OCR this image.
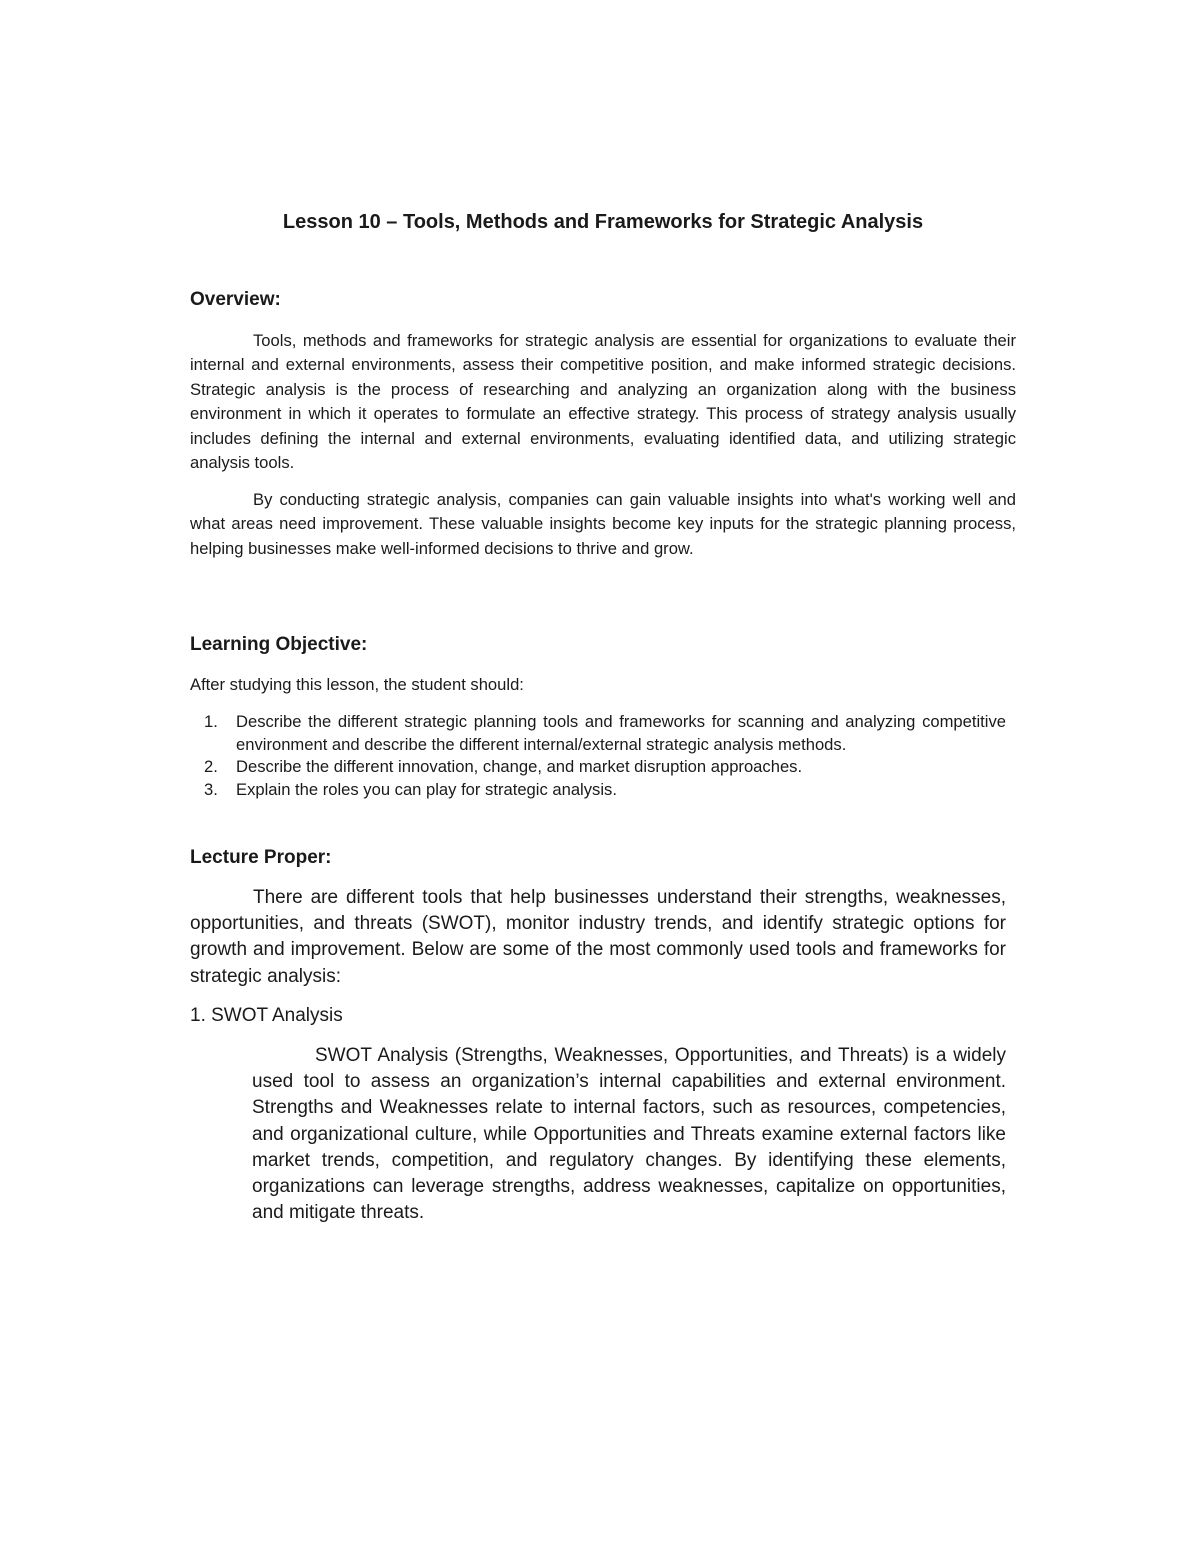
Lesson 10 – Tools, Methods and Frameworks for Strategic Analysis
Overview:

Tools, methods and frameworks for strategic analysis are essential for organizations to evaluate their internal and external environments, assess their competitive position, and make informed strategic decisions. Strategic analysis is the process of researching and analyzing an organization along with the business environment in which it operates to formulate an effective strategy. This process of strategy analysis usually includes defining the internal and external environments, evaluating identified data, and utilizing strategic analysis tools.

By conducting strategic analysis, companies can gain valuable insights into what's working well and what areas need improvement. These valuable insights become key inputs for the strategic planning process, helping businesses make well-informed decisions to thrive and grow.

Learning Objective:

After studying this lesson, the student should:

1. Describe the different strategic planning tools and frameworks for scanning and analyzing competitive environment and describe the different internal/external strategic analysis methods.
2. Describe the different innovation, change, and market disruption approaches.
3. Explain the roles you can play for strategic analysis.
Lecture Proper:

There are different tools that help businesses understand their strengths, weaknesses, opportunities, and threats (SWOT), monitor industry trends, and identify strategic options for growth and improvement. Below are some of the most commonly used tools and frameworks for strategic analysis:

1. SWOT Analysis

SWOT Analysis (Strengths, Weaknesses, Opportunities, and Threats) is a widely used tool to assess an organization’s internal capabilities and external environment. Strengths and Weaknesses relate to internal factors, such as resources, competencies, and organizational culture, while Opportunities and Threats examine external factors like market trends, competition, and regulatory changes. By identifying these elements, organizations can leverage strengths, address weaknesses, capitalize on opportunities, and mitigate threats.
